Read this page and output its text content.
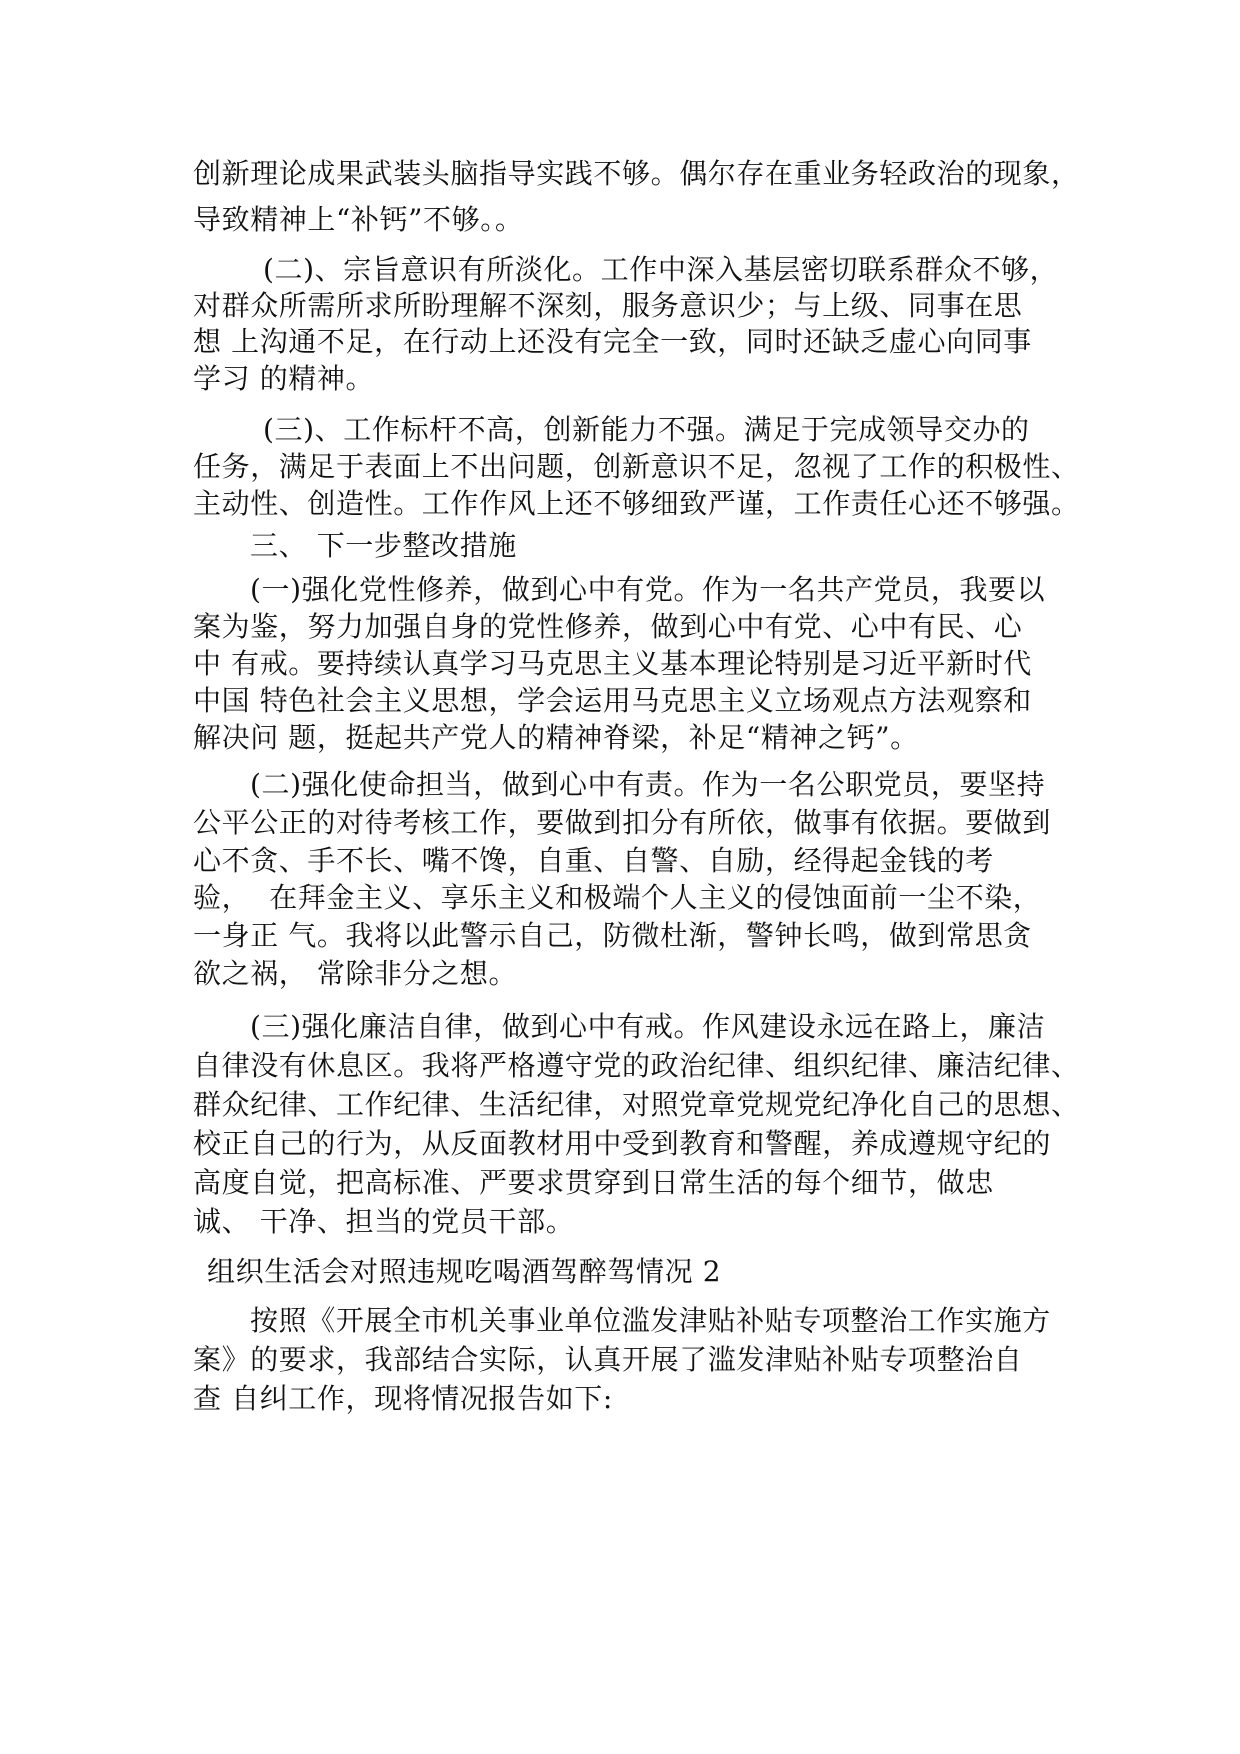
创新理论成果武装头脑指导实践不够。偶尔存在重业务轻政治的现象，
导致精神上“补钙”不够。。
(二)、宗旨意识有所淡化。工作中深入基层密切联系群众不够，
对群众所需所求所盼理解不深刻，服务意识少；与上级、同事在思
想 上沟通不足，在行动上还没有完全一致，同时还缺乏虚心向同事
学习 的精神。
(三)、工作标杆不高，创新能力不强。满足于完成领导交办的
任务，满足于表面上不出问题，创新意识不足，忽视了工作的积极性、
主动性、创造性。工作作风上还不够细致严谨，工作责任心还不够强。
三、 下一步整改措施
(一)强化党性修养，做到心中有党。作为一名共产党员，我要以
案为鉴，努力加强自身的党性修养，做到心中有党、心中有民、心
中 有戒。要持续认真学习马克思主义基本理论特别是习近平新时代
中国 特色社会主义思想，学会运用马克思主义立场观点方法观察和
解决问 题，挺起共产党人的精神脊梁，补足“精神之钙”。
(二)强化使命担当，做到心中有责。作为一名公职党员，要坚持
公平公正的对待考核工作，要做到扣分有所依，做事有依据。要做到
心不贪、手不长、嘴不馋，自重、自警、自励，经得起金钱的考
验，  在拜金主义、享乐主义和极端个人主义的侵蚀面前一尘不染，
一身正 气。我将以此警示自己，防微杜渐，警钟长鸣，做到常思贪
欲之祸， 常除非分之想。
(三)强化廉洁自律，做到心中有戒。作风建设永远在路上，廉洁
自律没有休息区。我将严格遵守党的政治纪律、组织纪律、廉洁纪律、
群众纪律、工作纪律、生活纪律，对照党章党规党纪净化自己的思想、
校正自己的行为，从反面教材用中受到教育和警醒，养成遵规守纪的
高度自觉，把高标准、严要求贯穿到日常生活的每个细节，做忠
诚、 干净、担当的党员干部。
组织生活会对照违规吃喝酒驾醉驾情况 2
按照《开展全市机关事业单位滥发津贴补贴专项整治工作实施方
案》的要求，我部结合实际，认真开展了滥发津贴补贴专项整治自
查 自纠工作，现将情况报告如下:
